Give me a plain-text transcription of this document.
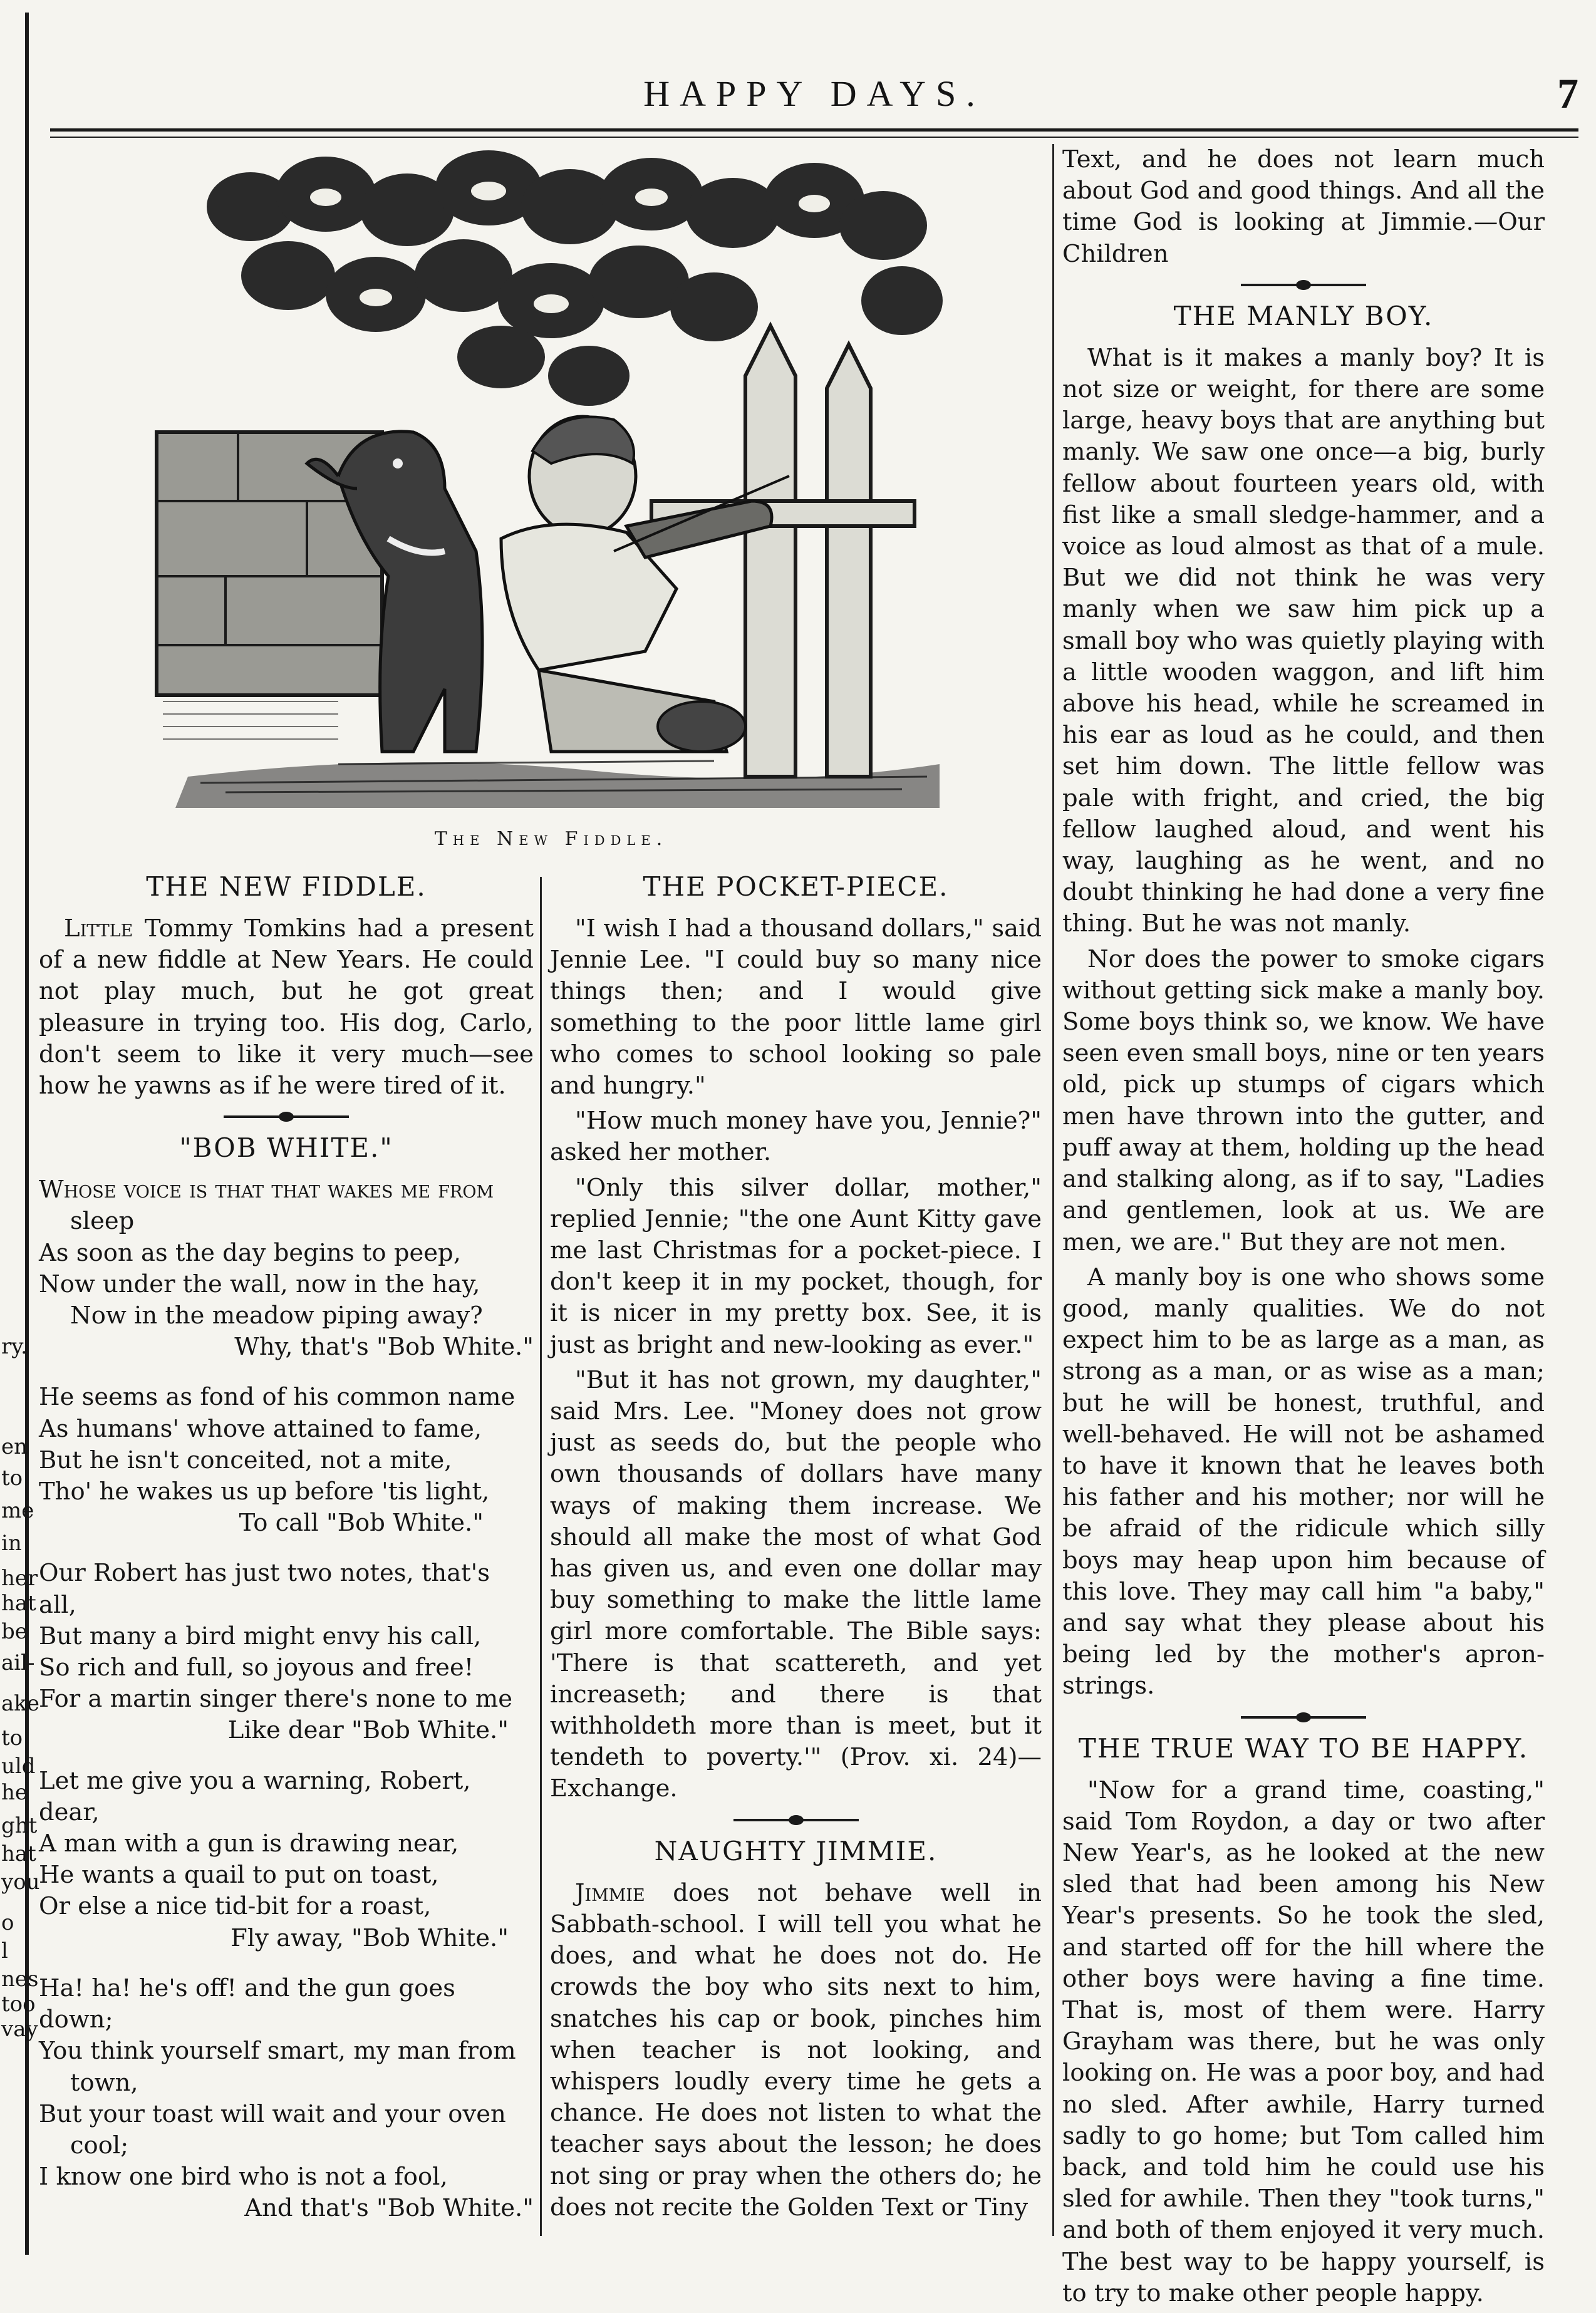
HAPPY DAYS.	7
ry.
en
to
me
in
her
hat
be
ail-
ake
to
uld
he
ght
hat
you
o
l
nes
too
vay
The New Fiddle.
THE NEW FIDDLE.

Little Tommy Tomkins had a present of a new fiddle at New Years. He could not play much, but he got great pleasure in trying too. His dog, Carlo, don't seem to like it very much—see how he yawns as if he were tired of it.

"BOB WHITE."
Whose voice is that that wakes me from
sleep
As soon as the day begins to peep,
Now under the wall, now in the hay,
Now in the meadow piping away?
Why, that's "Bob White."
He seems as fond of his common name
As humans' whove attained to fame,
But he isn't conceited, not a mite,
Tho' he wakes us up before 'tis light,
To call "Bob White."
Our Robert has just two notes, that's all,
But many a bird might envy his call,
So rich and full, so joyous and free!
For a martin singer there's none to me
Like dear "Bob White."
Let me give you a warning, Robert, dear,
A man with a gun is drawing near,
He wants a quail to put on toast,
Or else a nice tid-bit for a roast,
Fly away, "Bob White."
Ha! ha! he's off! and the gun goes down;
You think yourself smart, my man from
town,
But your toast will wait and your oven
cool;
I know one bird who is not a fool,
And that's "Bob White."
THE POCKET-PIECE.

"I wish I had a thousand dollars," said Jennie Lee. "I could buy so many nice things then; and I would give something to the poor little lame girl who comes to school looking so pale and hungry."

"How much money have you, Jennie?" asked her mother.

"Only this silver dollar, mother," replied Jennie; "the one Aunt Kitty gave me last Christmas for a pocket-piece. I don't keep it in my pocket, though, for it is nicer in my pretty box. See, it is just as bright and new-looking as ever."

"But it has not grown, my daughter," said Mrs. Lee. "Money does not grow just as seeds do, but the people who own thousands of dollars have many ways of making them increase. We should all make the most of what God has given us, and even one dollar may buy something to make the little lame girl more comfortable. The Bible says: 'There is that scattereth, and yet increaseth; and there is that withholdeth more than is meet, but it tendeth to poverty.'" (Prov. xi. 24)—Exchange.

NAUGHTY JIMMIE.

Jimmie does not behave well in Sabbath-school. I will tell you what he does, and what he does not do. He crowds the boy who sits next to him, snatches his cap or book, pinches him when teacher is not looking, and whispers loudly every time he gets a chance. He does not listen to what the teacher says about the lesson; he does not sing or pray when the others do; he does not recite the Golden Text or Tiny

Text, and he does not learn much about God and good things. And all the time God is looking at Jimmie.—Our Children

THE MANLY BOY.

What is it makes a manly boy? It is not size or weight, for there are some large, heavy boys that are anything but manly. We saw one once—a big, burly fellow about fourteen years old, with fist like a small sledge-hammer, and a voice as loud almost as that of a mule. But we did not think he was very manly when we saw him pick up a small boy who was quietly playing with a little wooden waggon, and lift him above his head, while he screamed in his ear as loud as he could, and then set him down. The little fellow was pale with fright, and cried, the big fellow laughed aloud, and went his way, laughing as he went, and no doubt thinking he had done a very fine thing. But he was not manly.

Nor does the power to smoke cigars without getting sick make a manly boy. Some boys think so, we know. We have seen even small boys, nine or ten years old, pick up stumps of cigars which men have thrown into the gutter, and puff away at them, holding up the head and stalking along, as if to say, "Ladies and gentlemen, look at us. We are men, we are." But they are not men.

A manly boy is one who shows some good, manly qualities. We do not expect him to be as large as a man, as strong as a man, or as wise as a man; but he will be honest, truthful, and well-behaved. He will not be ashamed to have it known that he leaves both his father and his mother; nor will he be afraid of the ridicule which silly boys may heap upon him because of this love. They may call him "a baby," and say what they please about his being led by the mother's apron-strings.

THE TRUE WAY TO BE HAPPY.

"Now for a grand time, coasting," said Tom Roydon, a day or two after New Year's, as he looked at the new sled that had been among his New Year's presents. So he took the sled, and started off for the hill where the other boys were having a fine time. That is, most of them were. Harry Grayham was there, but he was only looking on. He was a poor boy, and had no sled. After awhile, Harry turned sadly to go home; but Tom called him back, and told him he could use his sled for awhile. Then they "took turns," and both of them enjoyed it very much. The best way to be happy yourself, is to try to make other people happy.
